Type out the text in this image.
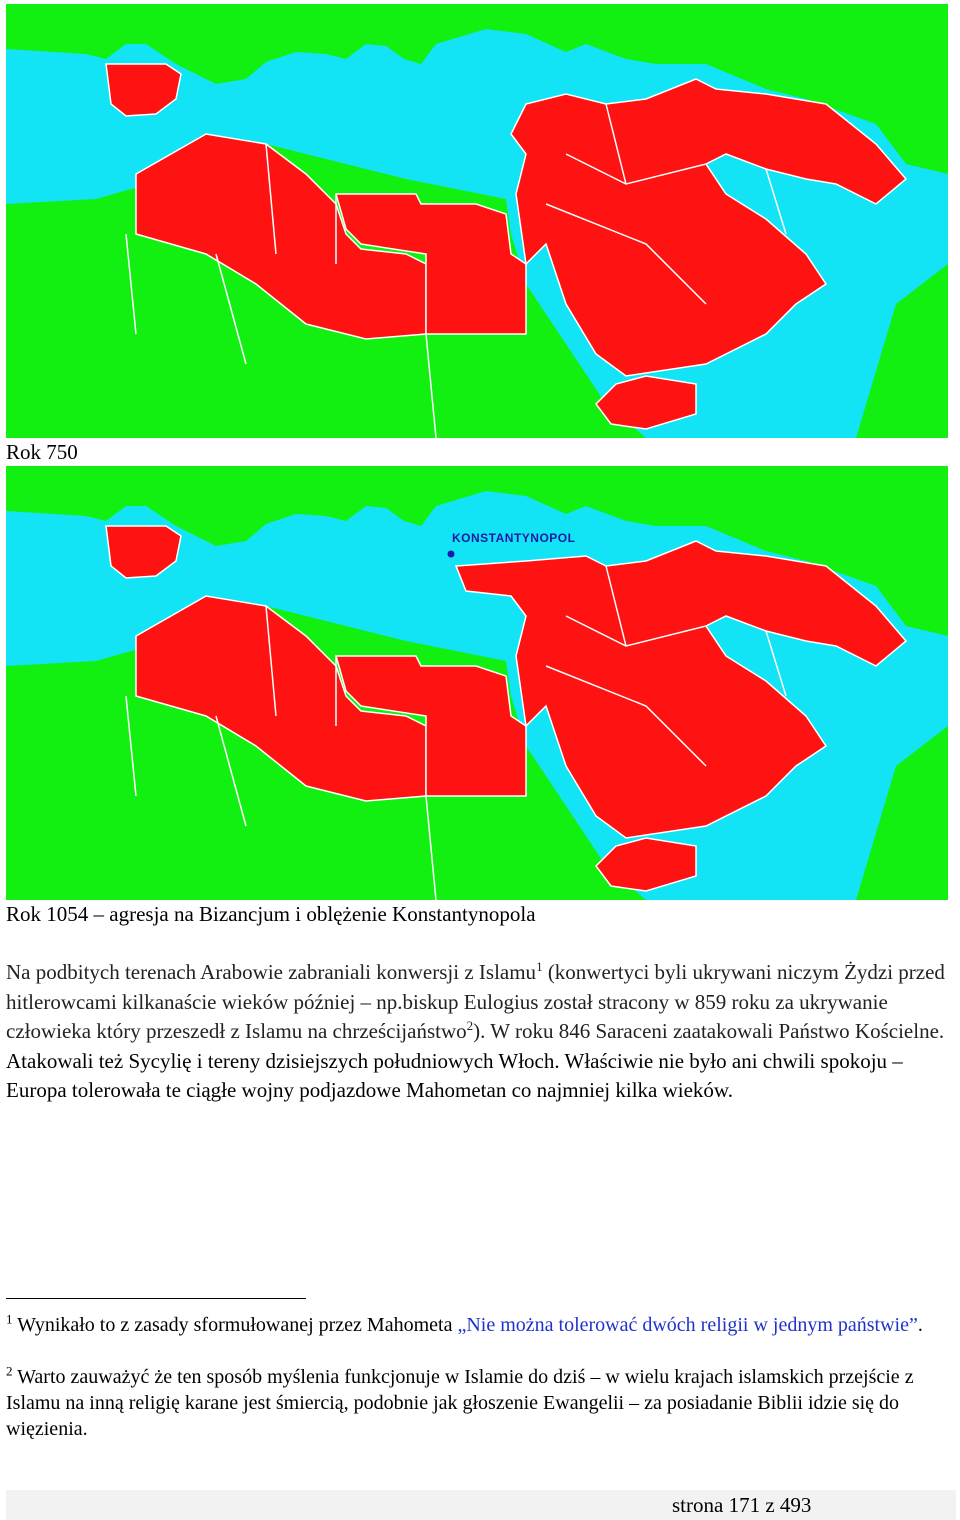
Rok 750
KONSTANTYNOPOL
Rok 1054 – agresja na Bizancjum i oblężenie Konstantynopola
Na podbitych terenach Arabowie zabraniali konwersji z Islamu$^1$ (konwertyci byli ukrywani niczym Żydzi przed hitlerowcami kilkanaście wieków później – np.biskup Eulogius został stracony w 859 roku za ukrywanie człowieka który przeszedł z Islamu na chrześcijaństwo$^2$). W roku 846 Saraceni zaatakowali Państwo Kościelne. Atakowali też Sycylię i tereny dzisiejszych południowych Włoch. Właściwie nie było ani chwili spokoju – Europa tolerowała te ciągłe wojny podjazdowe Mahometan co najmniej kilka wieków.
$^1$ Wynikało to z zasady sformułowanej przez Mahometa „Nie można tolerować dwóch religii w jednym państwie”.
$^2$ Warto zauważyć że ten sposób myślenia funkcjonuje w Islamie do dziś – w wielu krajach islamskich przejście z Islamu na inną religię karane jest śmiercią, podobnie jak głoszenie Ewangelii – za posiadanie Biblii idzie się do więzienia.
strona 171 z 493
